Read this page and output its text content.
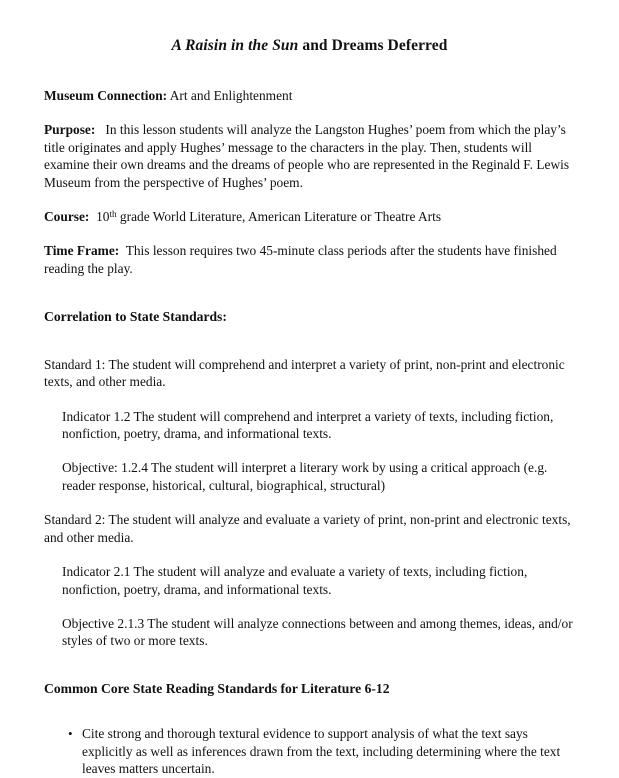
A Raisin in the Sun and Dreams Deferred

Museum Connection: Art and Enlightenment

Purpose:   In this lesson students will analyze the Langston Hughes’ poem from which the play’s title originates and apply Hughes’ message to the characters in the play. Then, students will examine their own dreams and the dreams of people who are represented in the Reginald F. Lewis Museum from the perspective of Hughes’ poem.

Course:  10th grade World Literature, American Literature or Theatre Arts

Time Frame:  This lesson requires two 45-minute class periods after the students have finished reading the play.

Correlation to State Standards:

Standard 1: The student will comprehend and interpret a variety of print, non-print and electronic texts, and other media.

Indicator 1.2 The student will comprehend and interpret a variety of texts, including fiction, nonfiction, poetry, drama, and informational texts.

Objective: 1.2.4 The student will interpret a literary work by using a critical approach (e.g. reader response, historical, cultural, biographical, structural)

Standard 2: The student will analyze and evaluate a variety of print, non-print and electronic texts, and other media.

Indicator 2.1 The student will analyze and evaluate a variety of texts, including fiction, nonfiction, poetry, drama, and informational texts.

Objective 2.1.3 The student will analyze connections between and among themes, ideas, and/or styles of two or more texts.

Common Core State Reading Standards for Literature 6-12

• Cite strong and thorough textural evidence to support analysis of what the text says explicitly as well as inferences drawn from the text, including determining where the text leaves matters uncertain.
